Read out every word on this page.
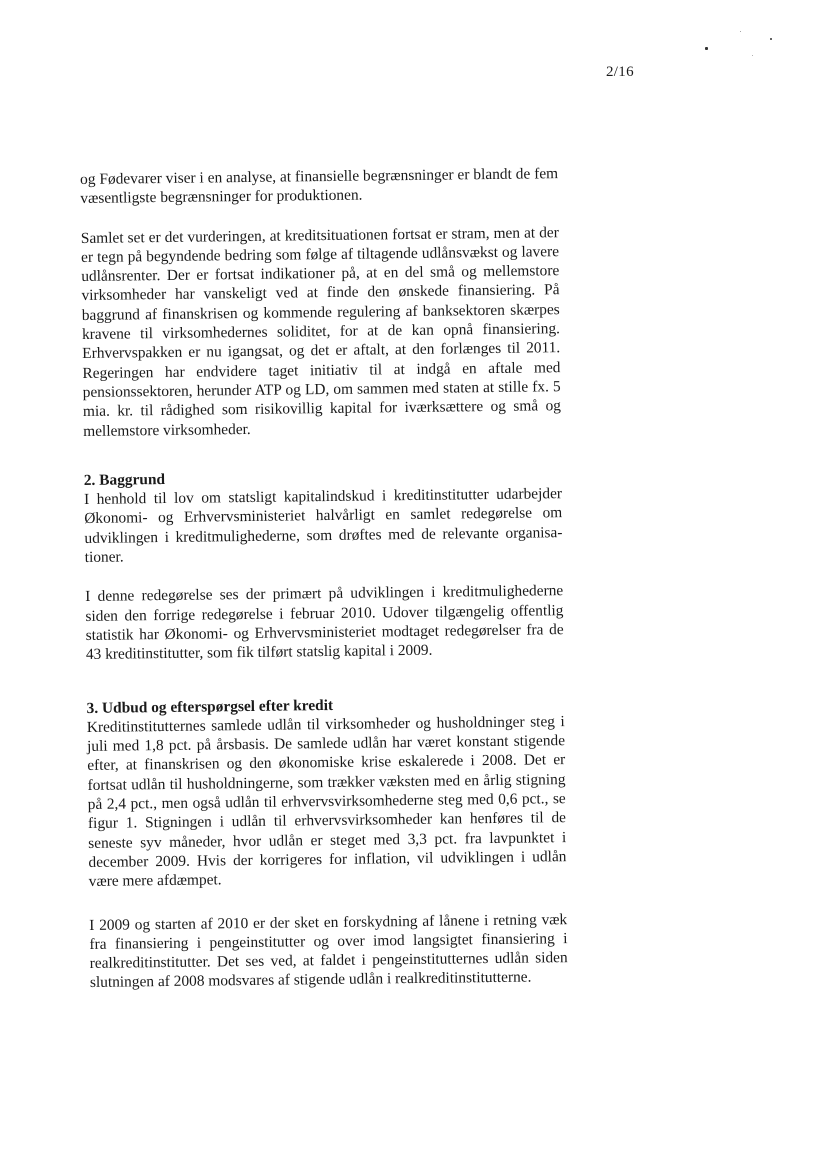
2/16

og Fødevarer viser i en analyse, at finansielle begrænsninger er blandt de fem væsentligste begrænsninger for produktionen.

Samlet set er det vurderingen, at kreditsituationen fortsat er stram, men at der er tegn på begyndende bedring som følge af tiltagende udlånsvækst og lavere udlånsrenter. Der er fortsat indikationer på, at en del små og mellemstore virksomheder har vanskeligt ved at finde den ønskede finansiering. På baggrund af finanskrisen og kommende regulering af banksektoren skærpes kravene til virksomhedernes soliditet, for at de kan opnå finansiering. Erhvervspakken er nu igangsat, og det er aftalt, at den forlænges til 2011. Regeringen har endvidere taget initiativ til at indgå en aftale med pensionssektoren, herunder ATP og LD, om sammen med staten at stille fx. 5 mia. kr. til rådighed som risikovillig kapital for iværksættere og små og mellemstore virksomheder.

2. Baggrund

I henhold til lov om statsligt kapitalindskud i kreditinstitutter udarbejder Økonomi- og Erhvervsministeriet halvårligt en samlet redegørelse om udviklingen i kreditmulighederne, som drøftes med de relevante organisationer.

I denne redegørelse ses der primært på udviklingen i kreditmulighederne siden den forrige redegørelse i februar 2010. Udover tilgængelig offentlig statistik har Økonomi- og Erhvervsministeriet modtaget redegørelser fra de 43 kreditinstitutter, som fik tilført statslig kapital i 2009.

3. Udbud og efterspørgsel efter kredit

Kreditinstitutternes samlede udlån til virksomheder og husholdninger steg i juli med 1,8 pct. på årsbasis. De samlede udlån har været konstant stigende efter, at finanskrisen og den økonomiske krise eskalerede i 2008. Det er fortsat udlån til husholdningerne, som trækker væksten med en årlig stigning på 2,4 pct., men også udlån til erhvervsvirksomhederne steg med 0,6 pct., se figur 1. Stigningen i udlån til erhvervsvirksomheder kan henføres til de seneste syv måneder, hvor udlån er steget med 3,3 pct. fra lavpunktet i december 2009. Hvis der korrigeres for inflation, vil udviklingen i udlån være mere afdæmpet.

I 2009 og starten af 2010 er der sket en forskydning af lånene i retning væk fra finansiering i pengeinstitutter og over imod langsigtet finansiering i realkreditinstitutter. Det ses ved, at faldet i pengeinstitutternes udlån siden slutningen af 2008 modsvares af stigende udlån i realkreditinstitutterne.
